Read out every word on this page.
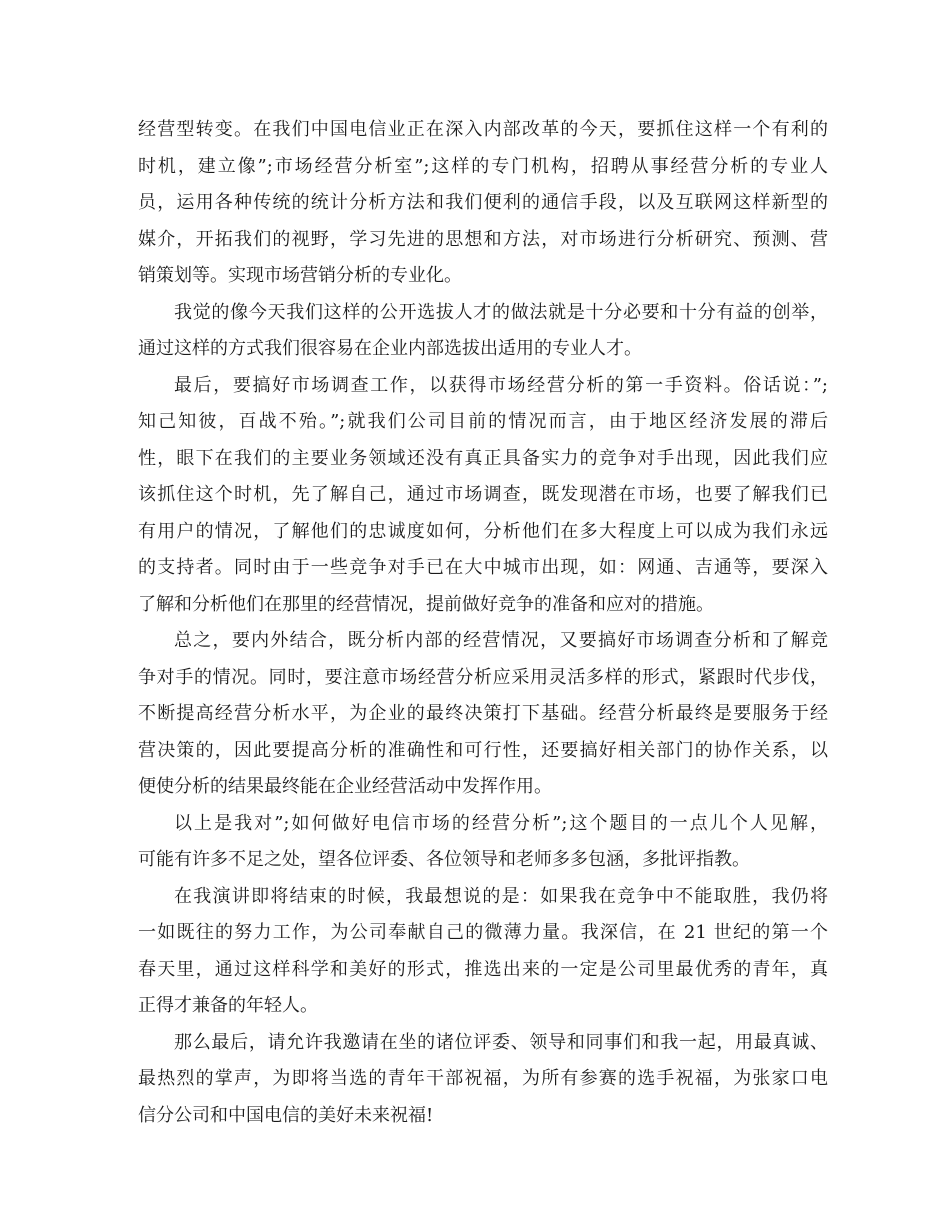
经营型转变。在我们中国电信业正在深入内部改革的今天，要抓住这样一个有利的
时机，建立像”;市场经营分析室”;这样的专门机构，招聘从事经营分析的专业人
员，运用各种传统的统计分析方法和我们便利的通信手段，以及互联网这样新型的
媒介，开拓我们的视野，学习先进的思想和方法，对市场进行分析研究、预测、营
销策划等。实现市场营销分析的专业化。
我觉的像今天我们这样的公开选拔人才的做法就是十分必要和十分有益的创举，
通过这样的方式我们很容易在企业内部选拔出适用的专业人才。
最后，要搞好市场调查工作，以获得市场经营分析的第一手资料。俗话说：”;
知己知彼，百战不殆。”;就我们公司目前的情况而言，由于地区经济发展的滞后
性，眼下在我们的主要业务领域还没有真正具备实力的竞争对手出现，因此我们应
该抓住这个时机，先了解自己，通过市场调查，既发现潜在市场，也要了解我们已
有用户的情况，了解他们的忠诚度如何，分析他们在多大程度上可以成为我们永远
的支持者。同时由于一些竞争对手已在大中城市出现，如：网通、吉通等，要深入
了解和分析他们在那里的经营情况，提前做好竞争的准备和应对的措施。
总之，要内外结合，既分析内部的经营情况，又要搞好市场调查分析和了解竞
争对手的情况。同时，要注意市场经营分析应采用灵活多样的形式，紧跟时代步伐，
不断提高经营分析水平，为企业的最终决策打下基础。经营分析最终是要服务于经
营决策的，因此要提高分析的准确性和可行性，还要搞好相关部门的协作关系，以
便使分析的结果最终能在企业经营活动中发挥作用。
以上是我对”;如何做好电信市场的经营分析”;这个题目的一点儿个人见解，
可能有许多不足之处，望各位评委、各位领导和老师多多包涵，多批评指教。
在我演讲即将结束的时候，我最想说的是：如果我在竞争中不能取胜，我仍将
一如既往的努力工作，为公司奉献自己的微薄力量。我深信，在 21 世纪的第一个
春天里，通过这样科学和美好的形式，推选出来的一定是公司里最优秀的青年，真
正得才兼备的年轻人。
那么最后，请允许我邀请在坐的诸位评委、领导和同事们和我一起，用最真诚、
最热烈的掌声，为即将当选的青年干部祝福，为所有参赛的选手祝福，为张家口电
信分公司和中国电信的美好未来祝福!
